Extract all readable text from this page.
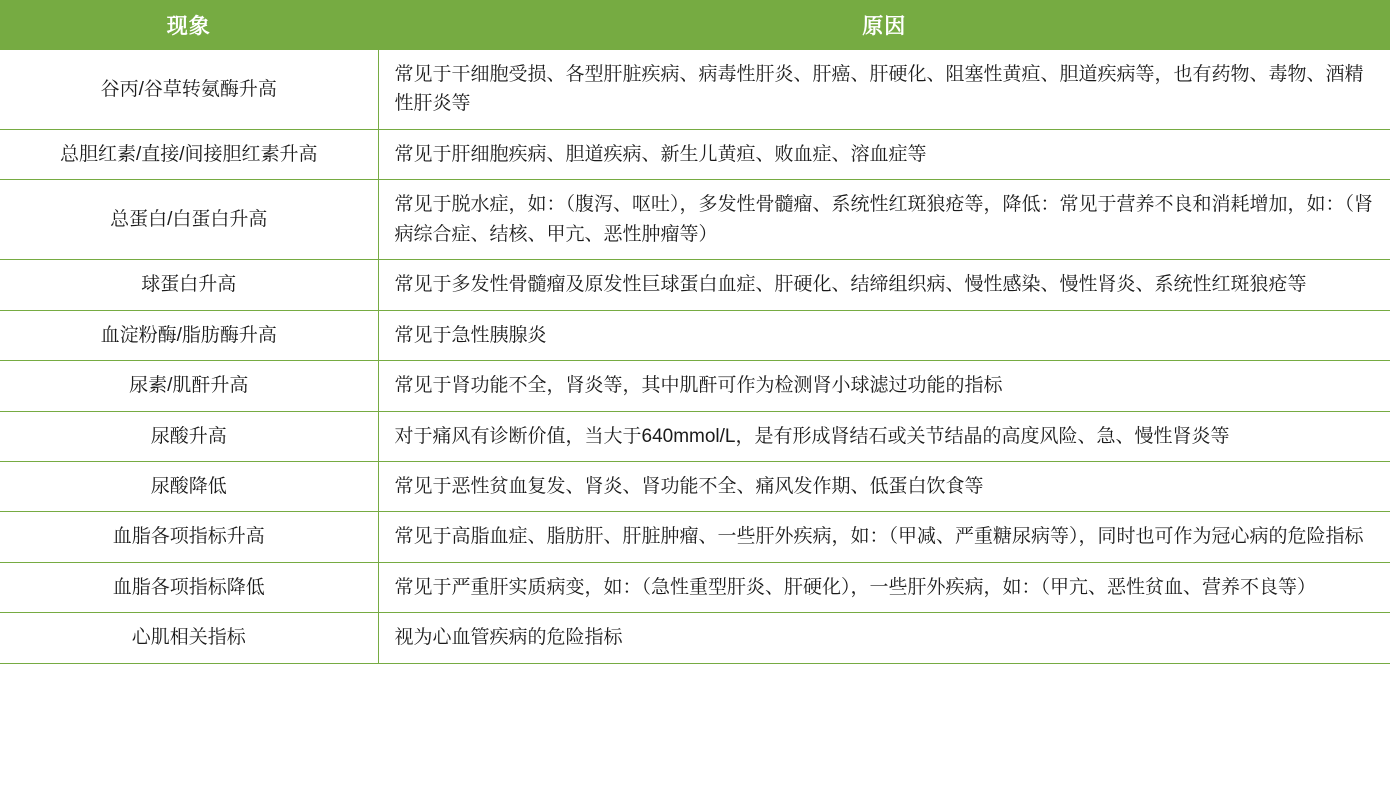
现象	原因
谷丙/谷草转氨酶升高	常见于干细胞受损、各型肝脏疾病、病毒性肝炎、肝癌、肝硬化、阻塞性黄疸、胆道疾病等，也有药物、毒物、酒精性肝炎等
总胆红素/直接/间接胆红素升高	常见于肝细胞疾病、胆道疾病、新生儿黄疸、败血症、溶血症等
总蛋白/白蛋白升高	常见于脱水症，如：（腹泻、呕吐），多发性骨髓瘤、系统性红斑狼疮等，降低：常见于营养不良和消耗增加，如：（肾病综合症、结核、甲亢、恶性肿瘤等）
球蛋白升高	常见于多发性骨髓瘤及原发性巨球蛋白血症、肝硬化、结缔组织病、慢性感染、慢性肾炎、系统性红斑狼疮等
血淀粉酶/脂肪酶升高	常见于急性胰腺炎
尿素/肌酐升高	常见于肾功能不全，肾炎等，其中肌酐可作为检测肾小球滤过功能的指标
尿酸升高	对于痛风有诊断价值，当大于640mmol/L，是有形成肾结石或关节结晶的高度风险、急、慢性肾炎等
尿酸降低	常见于恶性贫血复发、肾炎、肾功能不全、痛风发作期、低蛋白饮食等
血脂各项指标升高	常见于高脂血症、脂肪肝、肝脏肿瘤、一些肝外疾病，如：（甲减、严重糖尿病等），同时也可作为冠心病的危险指标
血脂各项指标降低	常见于严重肝实质病变，如：（急性重型肝炎、肝硬化），一些肝外疾病，如：（甲亢、恶性贫血、营养不良等）
心肌相关指标	视为心血管疾病的危险指标
